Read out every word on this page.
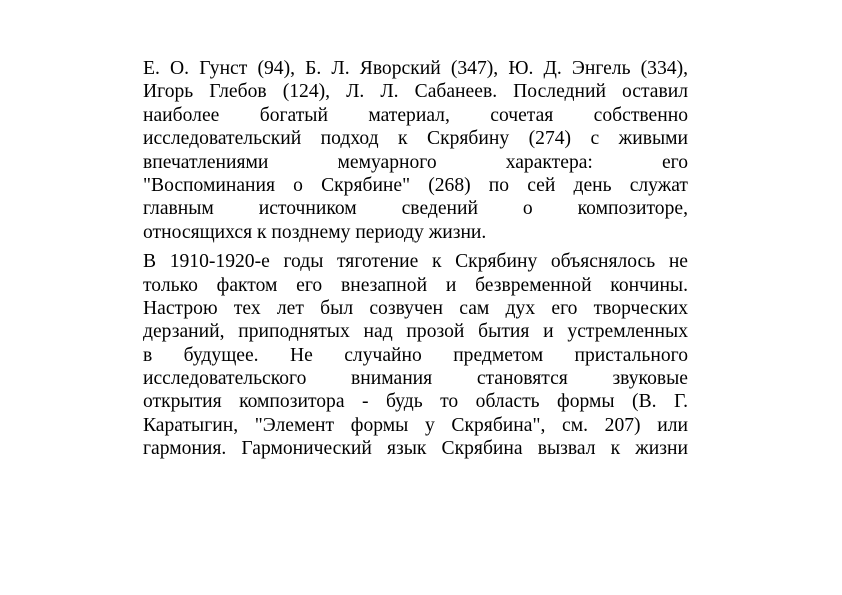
Е. О. Гунст (94), Б. Л. Яворский (347), Ю. Д. Энгель (334),
Игорь Глебов (124), Л. Л. Сабанеев. Последний оставил
наиболее богатый материал, сочетая собственно
исследовательский подход к Скрябину (274) с живыми
впечатлениями мемуарного характера: его
"Воспоминания о Скрябине" (268) по сей день служат
главным источником сведений о композиторе,
относящихся к позднему периоду жизни.

В 1910-1920-е годы тяготение к Скрябину объяснялось не
только фактом его внезапной и безвременной кончины.
Настрою тех лет был созвучен сам дух его творческих
дерзаний, приподнятых над прозой бытия и устремленных
в будущее. Не случайно предметом пристального
исследовательского внимания становятся звуковые
открытия композитора - будь то область формы (В. Г.
Каратыгин, "Элемент формы у Скрябина", см. 207) или
гармония. Гармонический язык Скрябина вызвал к жизни
